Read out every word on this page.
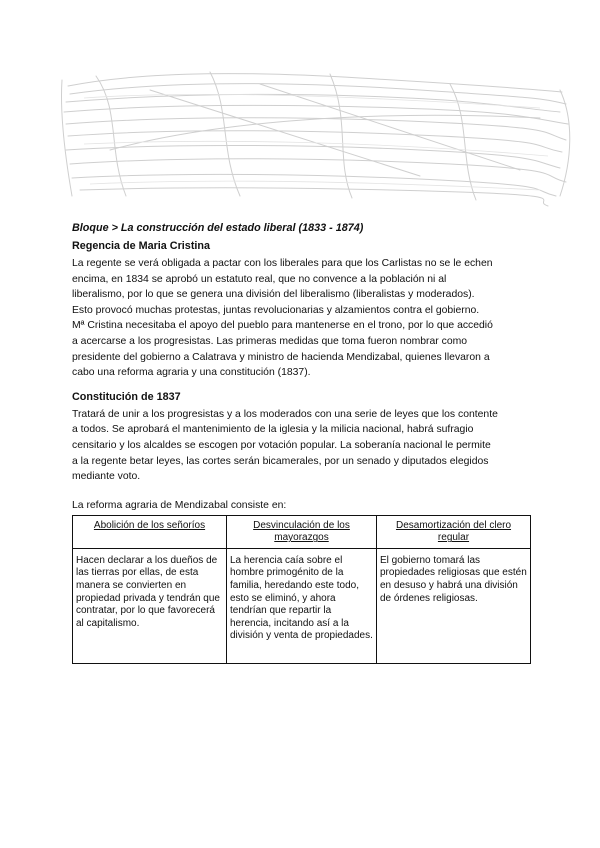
Bloque > La construcción del estado liberal (1833 - 1874)
Regencia de Maria Cristina

La regente se verá obligada a pactar con los liberales para que los Carlistas no se le echen

encima, en 1834 se aprobó un estatuto real, que no convence a la población ni al

liberalismo, por lo que se genera una división del liberalismo (liberalistas y moderados).

Esto provocó muchas protestas, juntas revolucionarias y alzamientos contra el gobierno.

Mª Cristina necesitaba el apoyo del pueblo para mantenerse en el trono, por lo que accedió

a acercarse a los progresistas. Las primeras medidas que toma fueron nombrar como

presidente del gobierno a Calatrava y ministro de hacienda Mendizabal, quienes llevaron a

cabo una reforma agraria y una constitución (1837).

Constitución de 1837

Tratará de unir a los progresistas y a los moderados con una serie de leyes que los contente

a todos. Se aprobará el mantenimiento de la iglesia y la milicia nacional, habrá sufragio

censitario y los alcaldes se escogen por votación popular. La soberanía nacional le permite

a la regente betar leyes, las cortes serán bicamerales, por un senado y diputados elegidos

mediante voto.

La reforma agraria de Mendizabal consiste en:
Abolición de los señoríos	Desvinculación de los mayorazgos	Desamortización del clero regular
Hacen declarar a los dueños de las tierras por ellas, de esta manera se convierten en propiedad privada y tendrán que contratar, por lo que favorecerá al capitalismo.	La herencia caía sobre el hombre primogénito de la familia, heredando este todo, esto se eliminó, y ahora tendrían que repartir la herencia, incitando así a la división y venta de propiedades.	El gobierno tomará las propiedades religiosas que estén en desuso y habrá una división de órdenes religiosas.
